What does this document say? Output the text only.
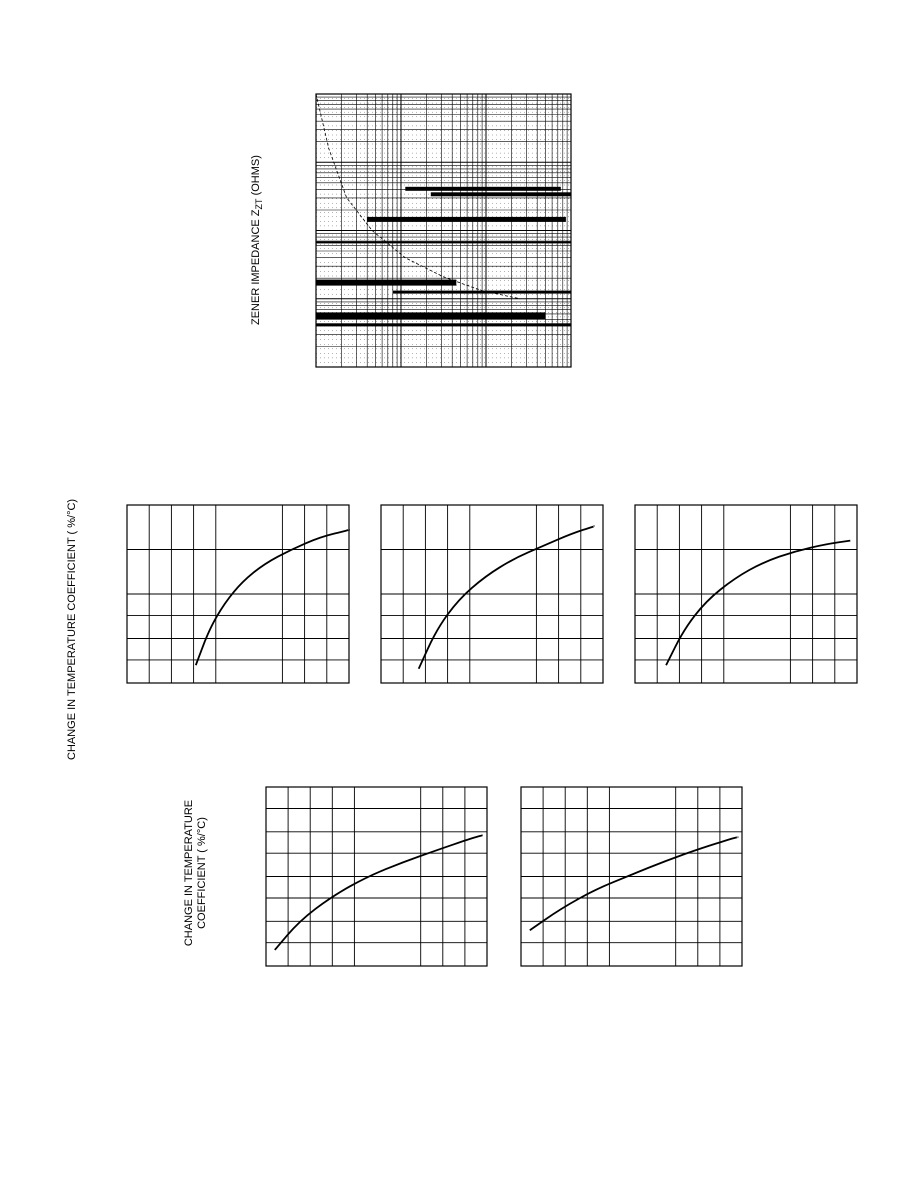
ZENER IMPEDANCE $Z_{ZT}$ (OHMS)
CHANGE IN TEMPERATURE COEFFICIENT ( %/°C)
CHANGE IN TEMPERATURE COEFFICIENT ( %/°C)
